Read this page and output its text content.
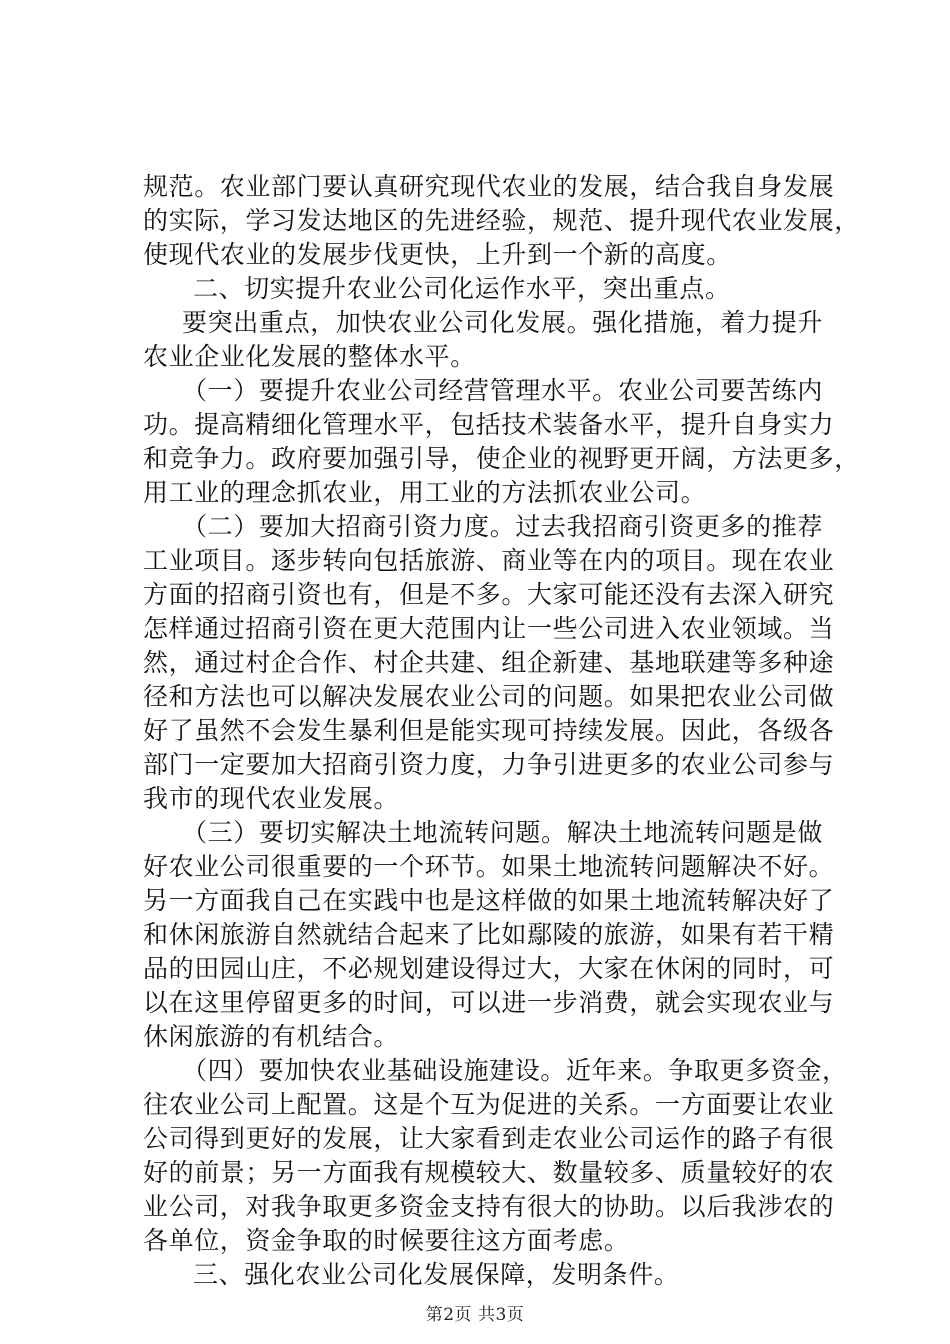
规范。农业部门要认真研究现代农业的发展，结合我自身发展
的实际，学习发达地区的先进经验，规范、提升现代农业发展，
使现代农业的发展步伐更快，上升到一个新的高度。
二、切实提升农业公司化运作水平，突出重点。
要突出重点，加快农业公司化发展。强化措施，着力提升
农业企业化发展的整体水平。
（一）要提升农业公司经营管理水平。农业公司要苦练内
功。提高精细化管理水平，包括技术装备水平，提升自身实力
和竞争力。政府要加强引导，使企业的视野更开阔，方法更多，
用工业的理念抓农业，用工业的方法抓农业公司。
（二）要加大招商引资力度。过去我招商引资更多的推荐
工业项目。逐步转向包括旅游、商业等在内的项目。现在农业
方面的招商引资也有，但是不多。大家可能还没有去深入研究
怎样通过招商引资在更大范围内让一些公司进入农业领域。当
然，通过村企合作、村企共建、组企新建、基地联建等多种途
径和方法也可以解决发展农业公司的问题。如果把农业公司做
好了虽然不会发生暴利但是能实现可持续发展。因此，各级各
部门一定要加大招商引资力度，力争引进更多的农业公司参与
我市的现代农业发展。
（三）要切实解决土地流转问题。解决土地流转问题是做
好农业公司很重要的一个环节。如果土地流转问题解决不好。
另一方面我自己在实践中也是这样做的如果土地流转解决好了
和休闲旅游自然就结合起来了比如鄢陵的旅游，如果有若干精
品的田园山庄，不必规划建设得过大，大家在休闲的同时，可
以在这里停留更多的时间，可以进一步消费，就会实现农业与
休闲旅游的有机结合。
（四）要加快农业基础设施建设。近年来。争取更多资金，
往农业公司上配置。这是个互为促进的关系。一方面要让农业
公司得到更好的发展，让大家看到走农业公司运作的路子有很
好的前景；另一方面我有规模较大、数量较多、质量较好的农
业公司，对我争取更多资金支持有很大的协助。以后我涉农的
各单位，资金争取的时候要往这方面考虑。
三、强化农业公司化发展保障，发明条件。
第2页 共3页
